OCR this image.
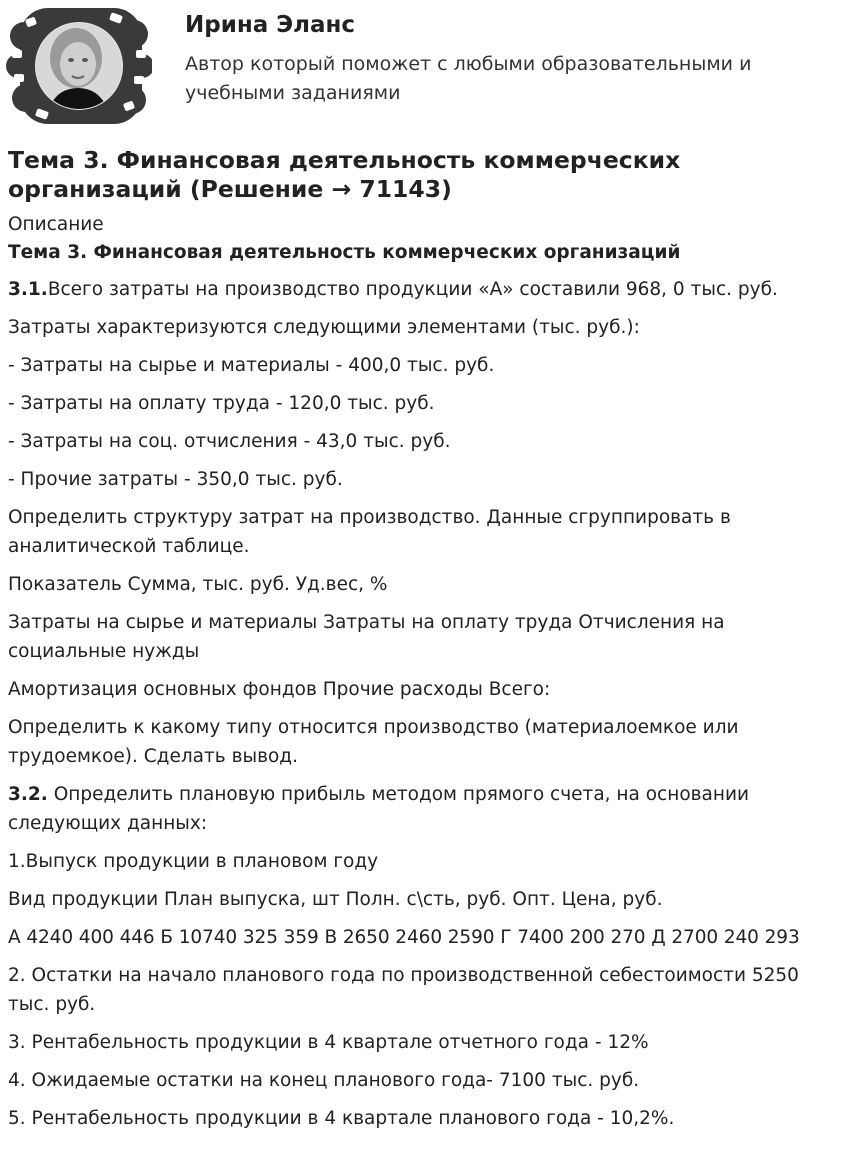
Ирина Эланс
Автор который поможет с любыми образовательными и учебными заданиями
Тема 3. Финансовая деятельность коммерческих организаций (Решение → 71143)
Описание
Тема 3. Финансовая деятельность коммерческих организаций

3.1.Всего затраты на производство продукции «А» составили 968, 0 тыс. руб.

Затраты характеризуются следующими элементами (тыс. руб.):

- Затраты на сырье и материалы - 400,0 тыс. руб.

- Затраты на оплату труда - 120,0 тыс. руб.

- Затраты на соц. отчисления - 43,0 тыс. руб.

- Прочие затраты - 350,0 тыс. руб.

Определить структуру затрат на производство. Данные сгруппировать в аналитической таблице.

Показатель Сумма, тыс. руб. Уд.вес, %

Затраты на сырье и материалы Затраты на оплату труда Отчисления на социальные нужды

Амортизация основных фондов Прочие расходы Всего:

Определить к какому типу относится производство (материалоемкое или трудоемкое). Сделать вывод.

3.2. Определить плановую прибыль методом прямого счета, на основании следующих данных:

1.Выпуск продукции в плановом году

Вид продукции План выпуска, шт Полн. с\сть, руб. Опт. Цена, руб.

А 4240 400 446 Б 10740 325 359 В 2650 2460 2590 Г 7400 200 270 Д 2700 240 293

2. Остатки на начало планового года по производственной себестоимости 5250 тыс. руб.

3. Рентабельность продукции в 4 квартале отчетного года - 12%

4. Ожидаемые остатки на конец планового года- 7100 тыс. руб.

5. Рентабельность продукции в 4 квартале планового года - 10,2%.
